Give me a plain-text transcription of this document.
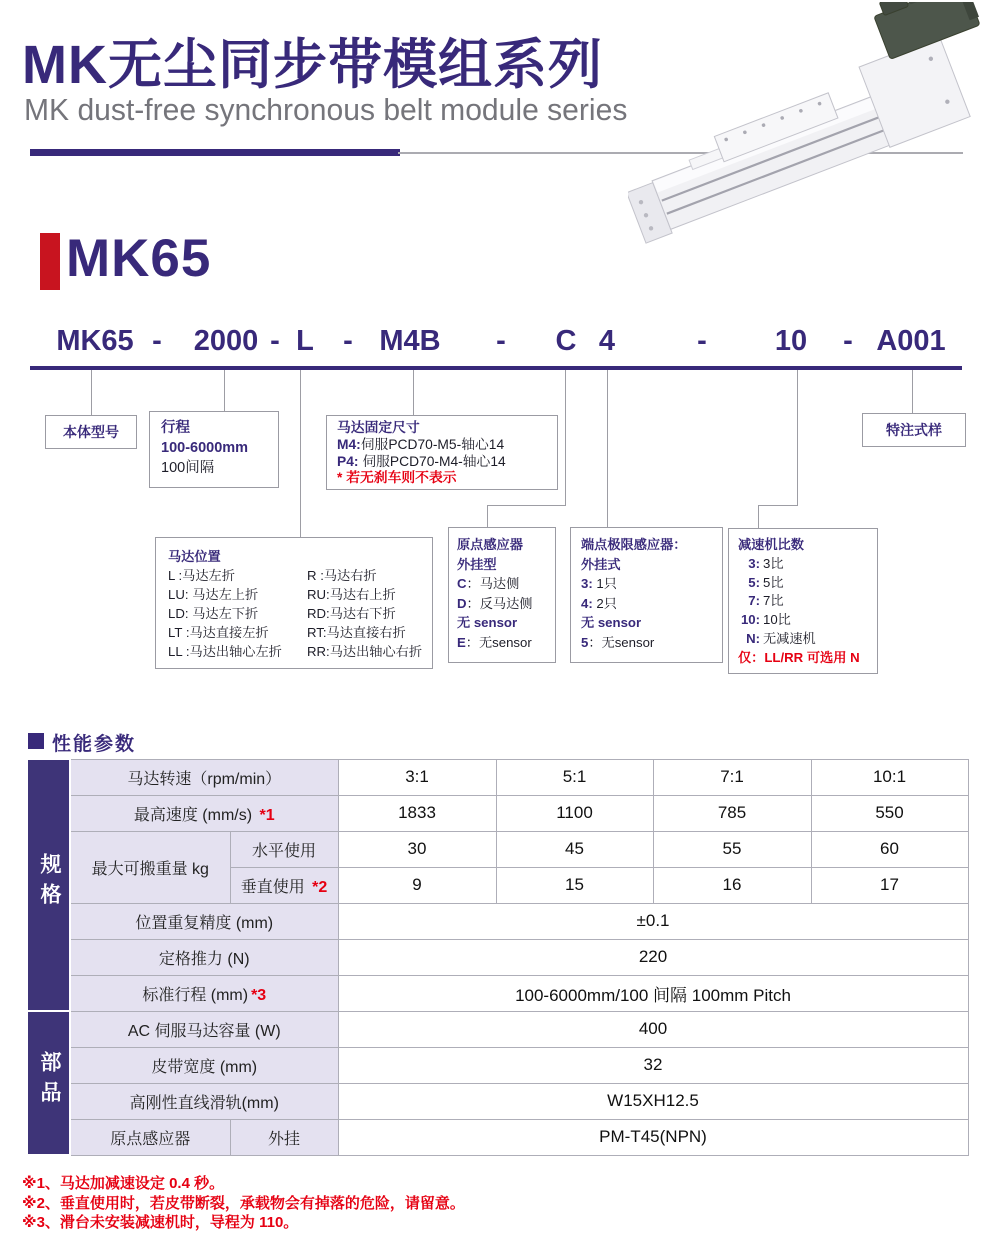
MK无尘同步带模组系列
MK dust-free synchronous belt module series
MK65
MK65 - 2000 - L - M4B - C 4	- 10 - A001
本体型号	行程
100-6000mm
100间隔
马达固定尺寸
M4:伺服PCD70-M5-轴心14
P4: 伺服PCD70-M4-轴心14
* 若无刹车则不表示
特注式样
马达位置
L :马达左折	R :马达右折
LU: 马达左上折	RU:马达右上折
LD: 马达左下折	RD:马达右下折
LT :马达直接左折	RT:马达直接右折
LL :马达出轴心左折	RR:马达出轴心右折
原点感应器
外挂型
C：马达侧
D：反马达侧
无 sensor
E：无sensor
端点极限感应器：
外挂式
3: 1只
4: 2只
无 sensor
5：无sensor
减速机比数
3: 3比
5: 5比
7: 7比
10: 10比
N: 无减速机
仅：LL/RR 可选用 N
性能参数
规格	马达转速（rpm/min）		3:1	5:1	7:1	10:1
	最高速度 (mm/s) *1		1833	1100	785	550
	最大可搬重量 kg	水平使用	30	45	55	60
		垂直使用 *2	9	15	16	17
	位置重复精度 (mm)		±0.1			
	定格推力 (N)		220			
	标准行程 (mm) *3		100-6000mm/100 间隔 100mm Pitch			
部品	AC 伺服马达容量 (W)		400			
	皮带宽度 (mm)		32			
	高刚性直线滑轨(mm)		W15XH12.5			
	原点感应器	外挂	PM-T45(NPN)			
※1、马达加减速设定 0.4 秒。
※2、垂直使用时，若皮带断裂，承载物会有掉落的危险，请留意。
※3、滑台未安装减速机时，导程为 110。
